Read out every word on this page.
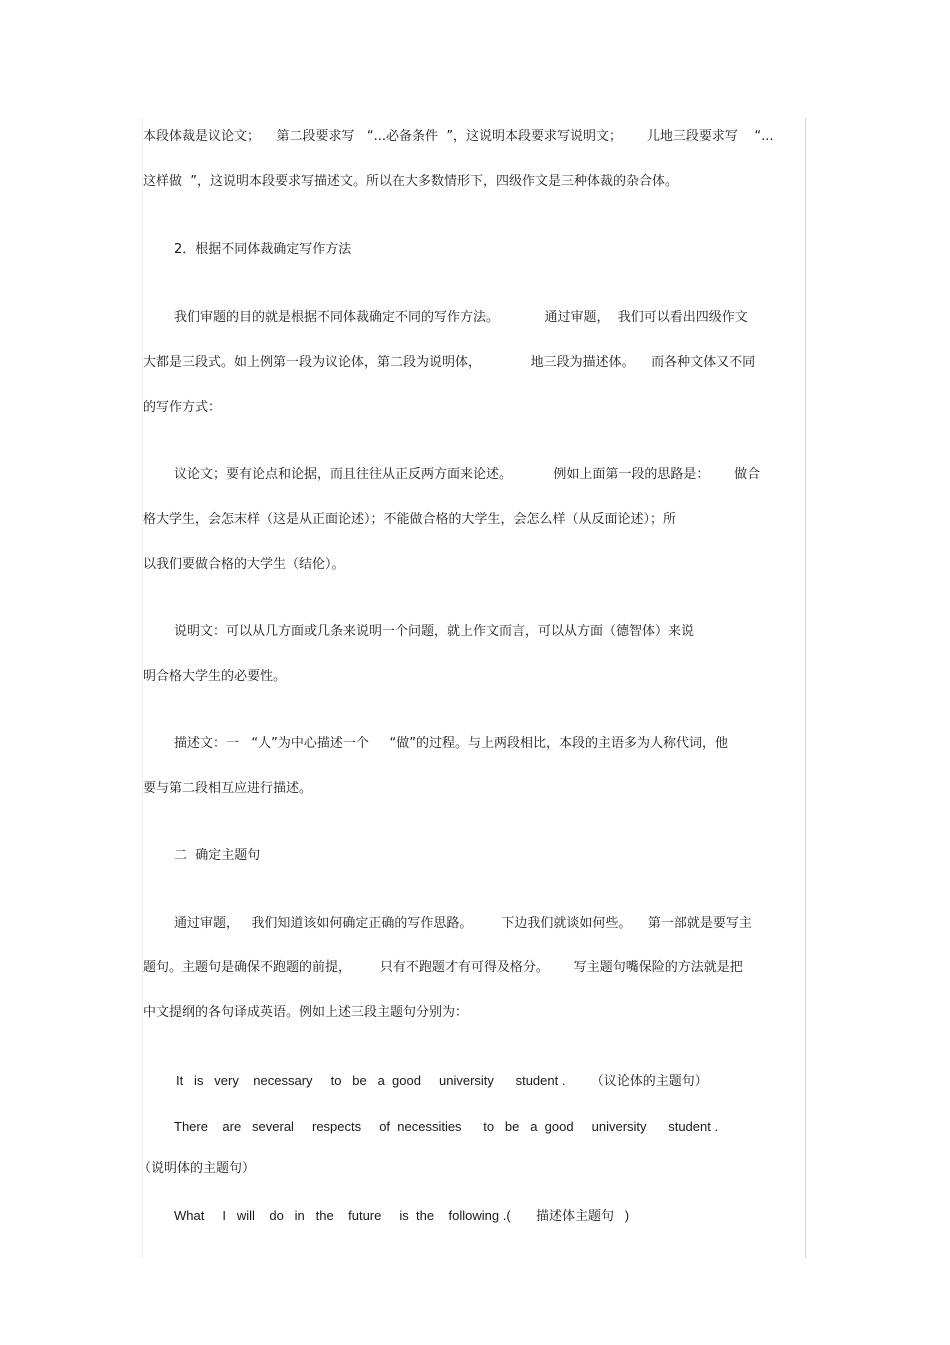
本段体裁是议论文；    第二段要求写   “...必备条件  ”，这说明本段要求写说明文；      儿地三段要求写    “...
这样做  ”，这说明本段要求写描述文。所以在大多数情形下，四级作文是三种体裁的杂合体。
2．根据不同体裁确定写作方法
我们审题的目的就是根据不同体裁确定不同的写作方法。           通过审题，  我们可以看出四级作文
大都是三段式。如上例第一段为议论体，第二段为说明体，            地三段为描述体。    而各种文体又不同
的写作方式：
议论文；要有论点和论据，而且往往从正反两方面来论述。          例如上面第一段的思路是：      做合
格大学生，会怎末样（这是从正面论述）；不能做合格的大学生，会怎么样（从反面论述）；所
以我们要做合格的大学生（结伦）。
说明文：可以从几方面或几条来说明一个问题，就上作文而言，可以从方面（德智体）来说
明合格大学生的必要性。
描述文：一   “人”为中心描述一个     “做”的过程。与上两段相比，本段的主语多为人称代词，他
要与第二段相互应进行描述。
二  确定主题句
通过审题，   我们知道该如何确定正确的写作思路。       下边我们就谈如何些。    第一部就是要写主
题句。主题句是确保不跑题的前提，       只有不跑题才有可得及格分。      写主题句嘴保险的方法就是把
中文提纲的各句译成英语。例如上述三段主题句分别为：
It   is   very    necessary     to   be   a  good     university      student .       （议论体的主题句）
There    are   several     respects     of  necessities      to   be   a  good     university      student .
（说明体的主题句）
What     I   will    do   in   the    future     is  the    following .(       描述体主题句   )
